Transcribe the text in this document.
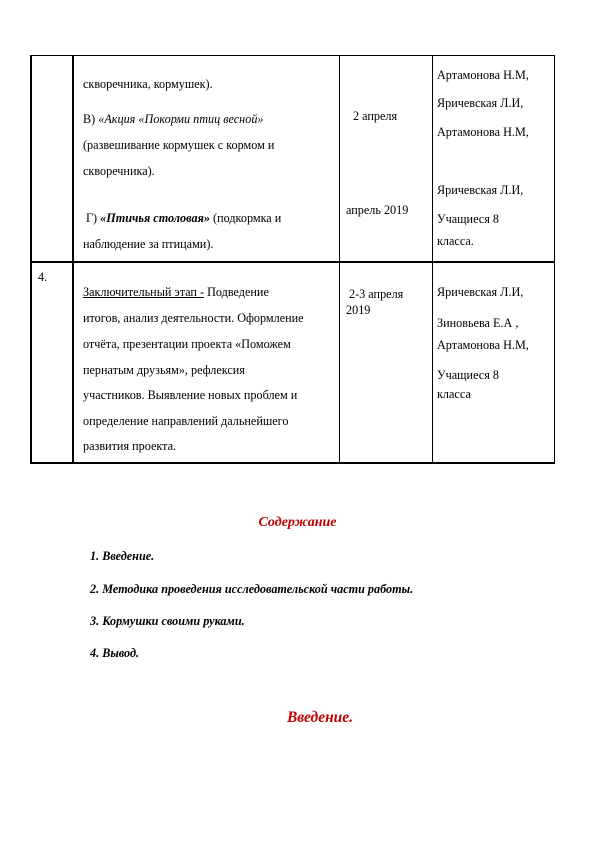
скворечника, кормушек).
В) «Акция «Покорми птиц весной»
(развешивание кормушек с кормом и
скворечника).
Г) «Птичья столовая» (подкормка и
наблюдение за птицами).
2 апреля
апрель 2019
Артамонова Н.М,
Яричевская Л.И,
Артамонова Н.М,
Яричевская Л.И,
Учащиеся 8
класса.
4.
Заключительный этап - Подведение
итогов, анализ деятельности. Оформление
отчёта, презентации проекта «Поможем
пернатым друзьям», рефлексия
участников. Выявление новых проблем и
определение направлений дальнейшего
развития проекта.
2-3 апреля
2019
Яричевская Л.И,
Зиновьева Е.А ,
Артамонова Н.М,
Учащиеся 8
класса
Содержание
1. Введение.
2. Методика проведения исследовательской части работы.
3. Кормушки своими руками.
4. Вывод.
Введение.
